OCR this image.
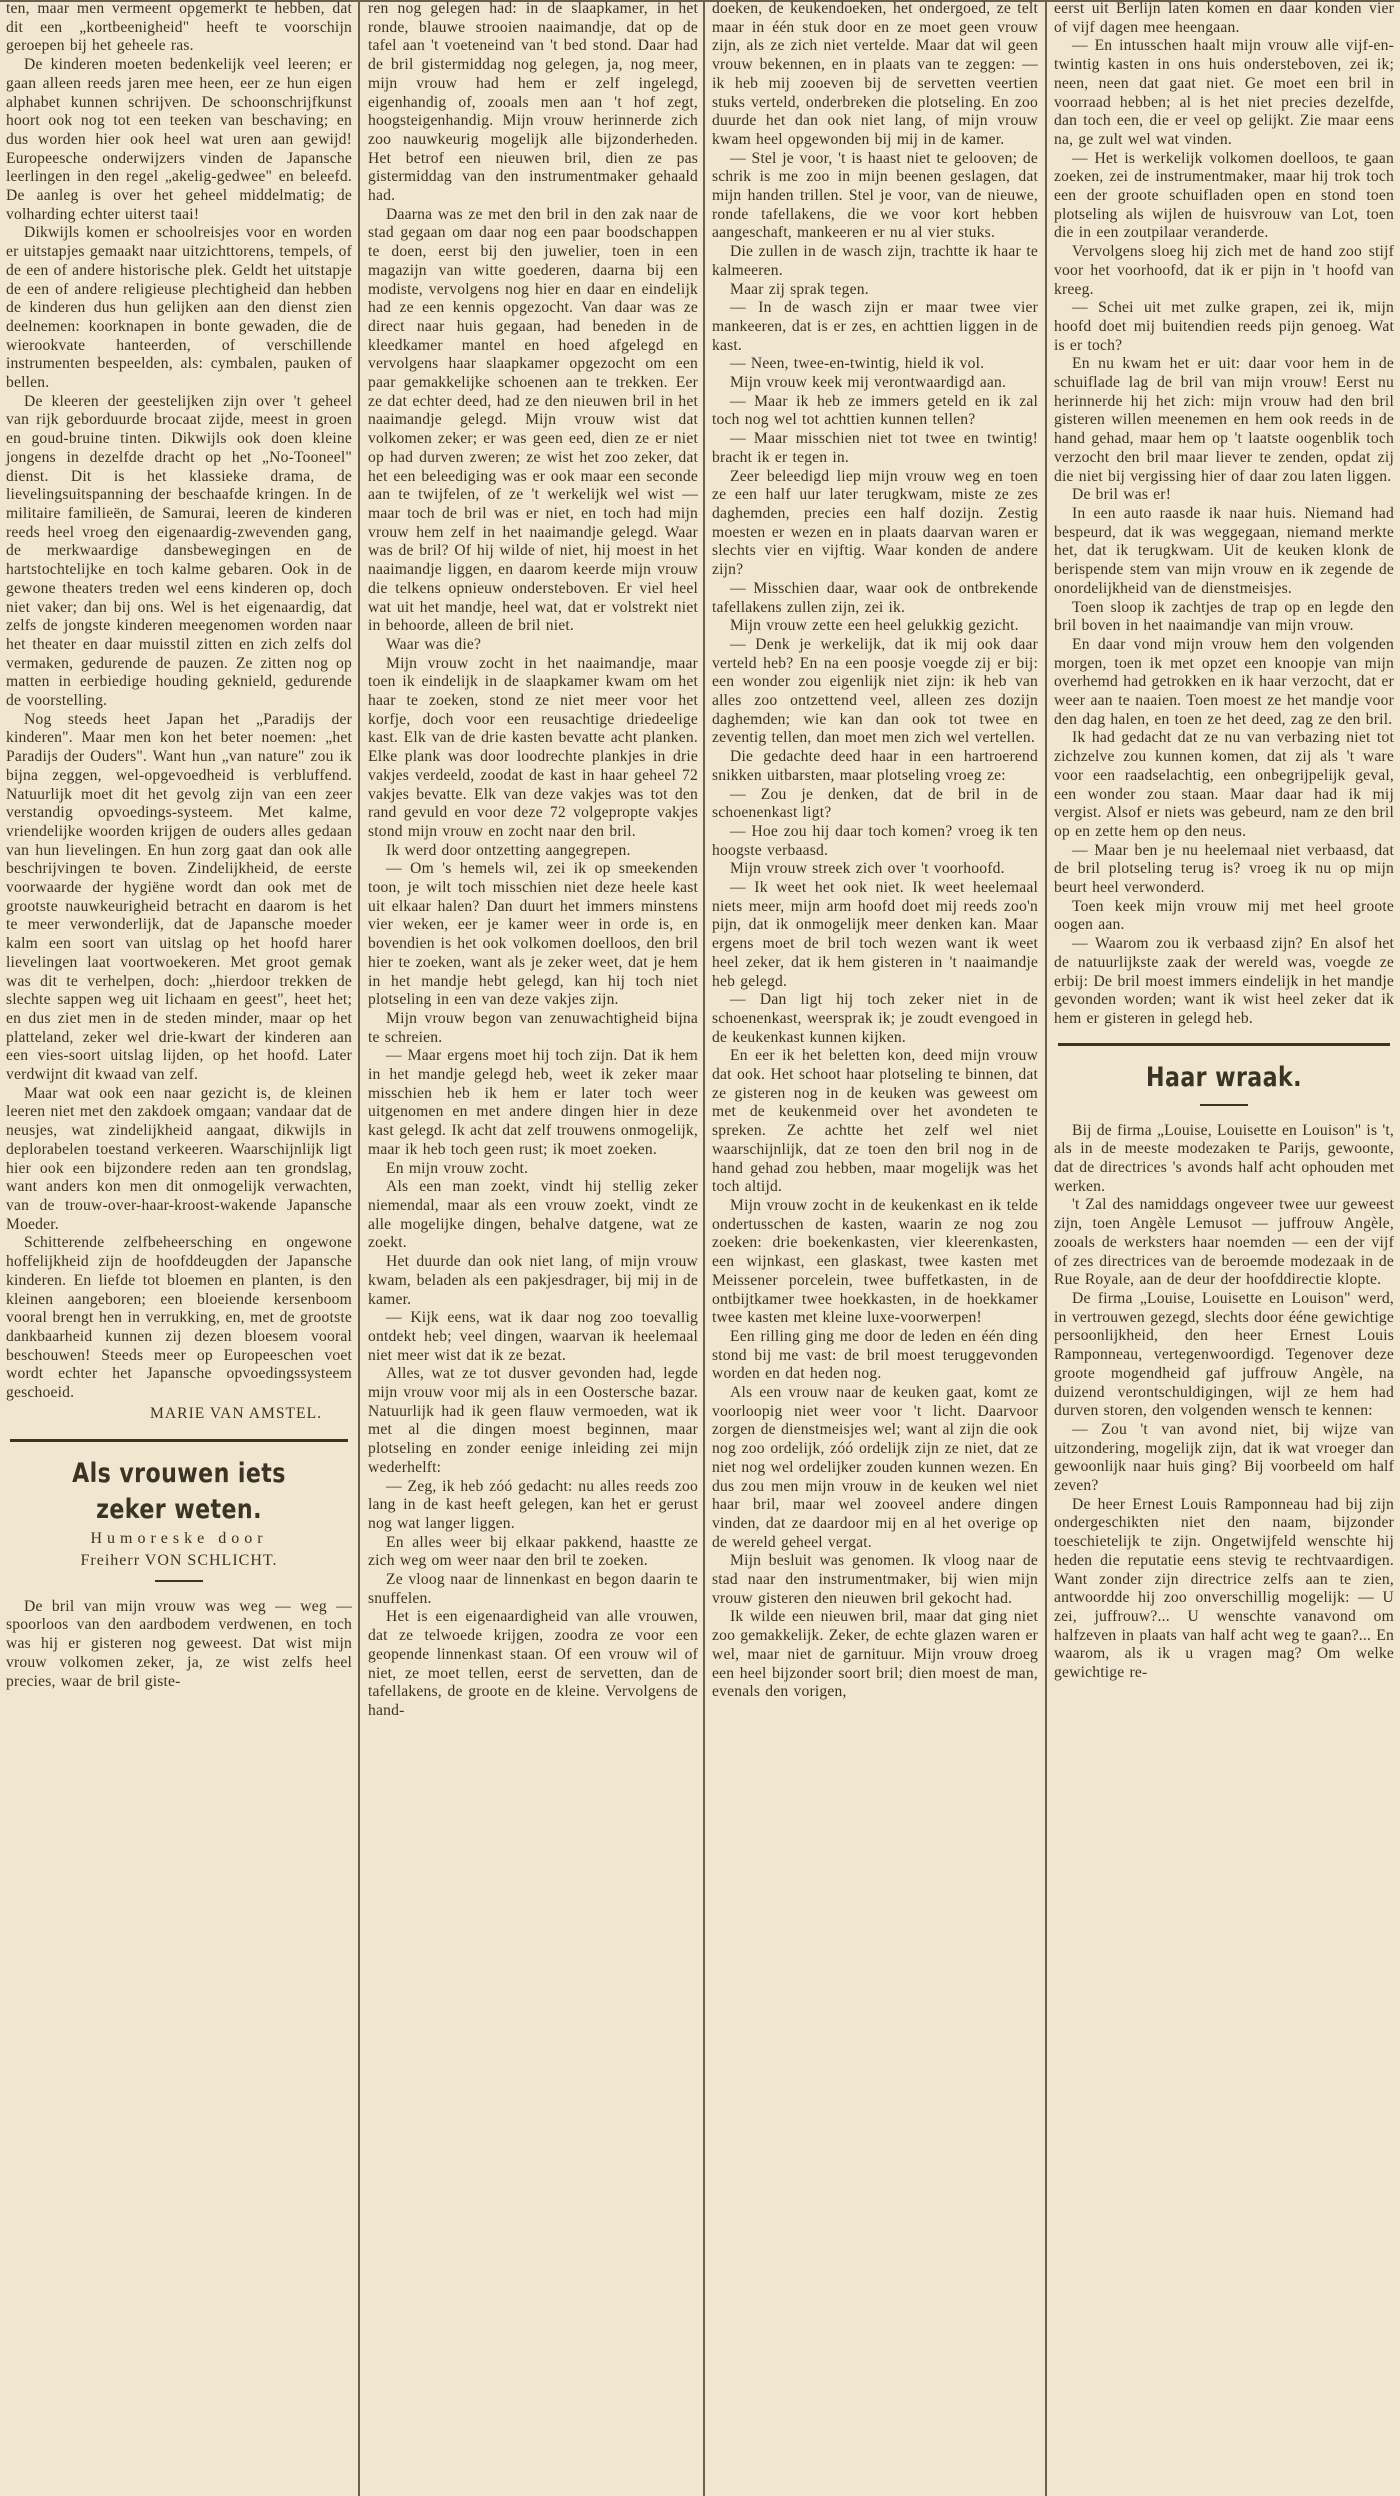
ten, maar men vermeent opgemerkt te hebben, dat dit een „kortbeenigheid" heeft te voorschijn geroepen bij het geheele ras.

De kinderen moeten bedenkelijk veel leeren; er gaan alleen reeds jaren mee heen, eer ze hun eigen alphabet kunnen schrijven. De schoonschrijfkunst hoort ook nog tot een teeken van beschaving; en dus worden hier ook heel wat uren aan gewijd! Europeesche onderwijzers vinden de Japansche leerlingen in den regel „akelig-gedwee" en beleefd. De aanleg is over het geheel middelmatig; de volharding echter uiterst taai!

Dikwijls komen er schoolreisjes voor en worden er uitstapjes gemaakt naar uitzichttorens, tempels, of de een of andere historische plek. Geldt het uitstapje de een of andere religieuse plechtigheid dan hebben de kinderen dus hun gelijken aan den dienst zien deelnemen: koorknapen in bonte gewaden, die de wierookvate hanteerden, of verschillende instrumenten bespeelden, als: cymbalen, pauken of bellen.

De kleeren der geestelijken zijn over 't geheel van rijk geborduurde brocaat zijde, meest in groen en goud-bruine tinten. Dikwijls ook doen kleine jongens in dezelfde dracht op het „No-Tooneel" dienst. Dit is het klassieke drama, de lievelingsuitspanning der beschaafde kringen. In de militaire familieën, de Samurai, leeren de kinderen reeds heel vroeg den eigenaardig-zwevenden gang, de merkwaardige dansbewegingen en de hartstochtelijke en toch kalme gebaren. Ook in de gewone theaters treden wel eens kinderen op, doch niet vaker; dan bij ons. Wel is het eigenaardig, dat zelfs de jongste kinderen meegenomen worden naar het theater en daar muisstil zitten en zich zelfs dol vermaken, gedurende de pauzen. Ze zitten nog op matten in eerbiedige houding geknield, gedurende de voorstelling.

Nog steeds heet Japan het „Paradijs der kinderen". Maar men kon het beter noemen: „het Paradijs der Ouders". Want hun „van nature" zou ik bijna zeggen, wel-opgevoedheid is verbluffend. Natuurlijk moet dit het gevolg zijn van een zeer verstandig opvoedings-systeem. Met kalme, vriendelijke woorden krijgen de ouders alles gedaan van hun lievelingen. En hun zorg gaat dan ook alle beschrijvingen te boven. Zindelijkheid, de eerste voorwaarde der hygiëne wordt dan ook met de grootste nauwkeurigheid betracht en daarom is het te meer verwonderlijk, dat de Japansche moeder kalm een soort van uitslag op het hoofd harer lievelingen laat voortwoekeren. Met groot gemak was dit te verhelpen, doch: „hierdoor trekken de slechte sappen weg uit lichaam en geest", heet het; en dus ziet men in de steden minder, maar op het platteland, zeker wel drie-kwart der kinderen aan een vies-soort uitslag lijden, op het hoofd. Later verdwijnt dit kwaad van zelf.

Maar wat ook een naar gezicht is, de kleinen leeren niet met den zakdoek omgaan; vandaar dat de neusjes, wat zindelijkheid aangaat, dikwijls in deplorabelen toestand verkeeren. Waarschijnlijk ligt hier ook een bijzondere reden aan ten grondslag, want anders kon men dit onmogelijk verwachten, van de trouw-over-haar-kroost-wakende Japansche Moeder.

Schitterende zelfbeheersching en ongewone hoffelijkheid zijn de hoofddeugden der Japansche kinderen. En liefde tot bloemen en planten, is den kleinen aangeboren; een bloeiende kersenboom vooral brengt hen in verrukking, en, met de grootste dankbaarheid kunnen zij dezen bloesem vooral beschouwen! Steeds meer op Europeeschen voet wordt echter het Japansche opvoedingssysteem geschoeid.

MARIE VAN AMSTEL.
Als vrouwen iets zeker weten.
Humoreske door
Freiherr VON SCHLICHT.

De bril van mijn vrouw was weg — weg — spoorloos van den aardbodem verdwenen, en toch was hij er gisteren nog geweest. Dat wist mijn vrouw volkomen zeker, ja, ze wist zelfs heel precies, waar de bril giste-

ren nog gelegen had: in de slaapkamer, in het ronde, blauwe strooien naaimandje, dat op de tafel aan 't voeteneind van 't bed stond. Daar had de bril gistermiddag nog gelegen, ja, nog meer, mijn vrouw had hem er zelf ingelegd, eigenhandig of, zooals men aan 't hof zegt, hoogsteigenhandig. Mijn vrouw herinnerde zich zoo nauwkeurig mogelijk alle bijzonderheden. Het betrof een nieuwen bril, dien ze pas gistermiddag van den instrumentmaker gehaald had.

Daarna was ze met den bril in den zak naar de stad gegaan om daar nog een paar boodschappen te doen, eerst bij den juwelier, toen in een magazijn van witte goederen, daarna bij een modiste, vervolgens nog hier en daar en eindelijk had ze een kennis opgezocht. Van daar was ze direct naar huis gegaan, had beneden in de kleedkamer mantel en hoed afgelegd en vervolgens haar slaapkamer opgezocht om een paar gemakkelijke schoenen aan te trekken. Eer ze dat echter deed, had ze den nieuwen bril in het naaimandje gelegd. Mijn vrouw wist dat volkomen zeker; er was geen eed, dien ze er niet op had durven zweren; ze wist het zoo zeker, dat het een beleediging was er ook maar een seconde aan te twijfelen, of ze 't werkelijk wel wist — maar toch de bril was er niet, en toch had mijn vrouw hem zelf in het naaimandje gelegd. Waar was de bril? Of hij wilde of niet, hij moest in het naaimandje liggen, en daarom keerde mijn vrouw die telkens opnieuw ondersteboven. Er viel heel wat uit het mandje, heel wat, dat er volstrekt niet in behoorde, alleen de bril niet.

Waar was die?

Mijn vrouw zocht in het naaimandje, maar toen ik eindelijk in de slaapkamer kwam om het haar te zoeken, stond ze niet meer voor het korfje, doch voor een reusachtige driedeelige kast. Elk van de drie kasten bevatte acht planken. Elke plank was door loodrechte plankjes in drie vakjes verdeeld, zoodat de kast in haar geheel 72 vakjes bevatte. Elk van deze vakjes was tot den rand gevuld en voor deze 72 volgepropte vakjes stond mijn vrouw en zocht naar den bril.

Ik werd door ontzetting aangegrepen.

— Om 's hemels wil, zei ik op smeekenden toon, je wilt toch misschien niet deze heele kast uit elkaar halen? Dan duurt het immers minstens vier weken, eer je kamer weer in orde is, en bovendien is het ook volkomen doelloos, den bril hier te zoeken, want als je zeker weet, dat je hem in het mandje hebt gelegd, kan hij toch niet plotseling in een van deze vakjes zijn.

Mijn vrouw begon van zenuwachtigheid bijna te schreien.

— Maar ergens moet hij toch zijn. Dat ik hem in het mandje gelegd heb, weet ik zeker maar misschien heb ik hem er later toch weer uitgenomen en met andere dingen hier in deze kast gelegd. Ik acht dat zelf trouwens onmogelijk, maar ik heb toch geen rust; ik moet zoeken.

En mijn vrouw zocht.

Als een man zoekt, vindt hij stellig zeker niemendal, maar als een vrouw zoekt, vindt ze alle mogelijke dingen, behalve datgene, wat ze zoekt.

Het duurde dan ook niet lang, of mijn vrouw kwam, beladen als een pakjesdrager, bij mij in de kamer.

— Kijk eens, wat ik daar nog zoo toevallig ontdekt heb; veel dingen, waarvan ik heelemaal niet meer wist dat ik ze bezat.

Alles, wat ze tot dusver gevonden had, legde mijn vrouw voor mij als in een Oostersche bazar. Natuurlijk had ik geen flauw vermoeden, wat ik met al die dingen moest beginnen, maar plotseling en zonder eenige inleiding zei mijn wederhelft:

— Zeg, ik heb zóó gedacht: nu alles reeds zoo lang in de kast heeft gelegen, kan het er gerust nog wat langer liggen.

En alles weer bij elkaar pakkend, haastte ze zich weg om weer naar den bril te zoeken.

Ze vloog naar de linnenkast en begon daarin te snuffelen.

Het is een eigenaardigheid van alle vrouwen, dat ze telwoede krijgen, zoodra ze voor een geopende linnenkast staan. Of een vrouw wil of niet, ze moet tellen, eerst de servetten, dan de tafellakens, de groote en de kleine. Vervolgens de hand-

doeken, de keukendoeken, het ondergoed, ze telt maar in één stuk door en ze moet geen vrouw zijn, als ze zich niet vertelde. Maar dat wil geen vrouw bekennen, en in plaats van te zeggen: — ik heb mij zooeven bij de servetten veertien stuks verteld, onderbreken die plotseling. En zoo duurde het dan ook niet lang, of mijn vrouw kwam heel opgewonden bij mij in de kamer.

— Stel je voor, 't is haast niet te gelooven; de schrik is me zoo in mijn beenen geslagen, dat mijn handen trillen. Stel je voor, van de nieuwe, ronde tafellakens, die we voor kort hebben aangeschaft, mankeeren er nu al vier stuks.

Die zullen in de wasch zijn, trachtte ik haar te kalmeeren.

Maar zij sprak tegen.

— In de wasch zijn er maar twee vier mankeeren, dat is er zes, en achttien liggen in de kast.

— Neen, twee-en-twintig, hield ik vol.

Mijn vrouw keek mij verontwaardigd aan.

— Maar ik heb ze immers geteld en ik zal toch nog wel tot achttien kunnen tellen?

— Maar misschien niet tot twee en twintig! bracht ik er tegen in.

Zeer beleedigd liep mijn vrouw weg en toen ze een half uur later terugkwam, miste ze zes daghemden, precies een half dozijn. Zestig moesten er wezen en in plaats daarvan waren er slechts vier en vijftig. Waar konden de andere zijn?

— Misschien daar, waar ook de ontbrekende tafellakens zullen zijn, zei ik.

Mijn vrouw zette een heel gelukkig gezicht.

— Denk je werkelijk, dat ik mij ook daar verteld heb? En na een poosje voegde zij er bij: een wonder zou eigenlijk niet zijn: ik heb van alles zoo ontzettend veel, alleen zes dozijn daghemden; wie kan dan ook tot twee en zeventig tellen, dan moet men zich wel vertellen.

Die gedachte deed haar in een hartroerend snikken uitbarsten, maar plotseling vroeg ze:

— Zou je denken, dat de bril in de schoenenkast ligt?

— Hoe zou hij daar toch komen? vroeg ik ten hoogste verbaasd.

Mijn vrouw streek zich over 't voorhoofd.

— Ik weet het ook niet. Ik weet heelemaal niets meer, mijn arm hoofd doet mij reeds zoo'n pijn, dat ik onmogelijk meer denken kan. Maar ergens moet de bril toch wezen want ik weet heel zeker, dat ik hem gisteren in 't naaimandje heb gelegd.

— Dan ligt hij toch zeker niet in de schoenenkast, weersprak ik; je zoudt evengoed in de keukenkast kunnen kijken.

En eer ik het beletten kon, deed mijn vrouw dat ook. Het schoot haar plotseling te binnen, dat ze gisteren nog in de keuken was geweest om met de keukenmeid over het avondeten te spreken. Ze achtte het zelf wel niet waarschijnlijk, dat ze toen den bril nog in de hand gehad zou hebben, maar mogelijk was het toch altijd.

Mijn vrouw zocht in de keukenkast en ik telde ondertusschen de kasten, waarin ze nog zou zoeken: drie boekenkasten, vier kleerenkasten, een wijnkast, een glaskast, twee kasten met Meissener porcelein, twee buffetkasten, in de ontbijtkamer twee hoekkasten, in de hoekkamer twee kasten met kleine luxe-voorwerpen!

Een rilling ging me door de leden en één ding stond bij me vast: de bril moest teruggevonden worden en dat heden nog.

Als een vrouw naar de keuken gaat, komt ze voorloopig niet weer voor 't licht. Daarvoor zorgen de dienstmeisjes wel; want al zijn die ook nog zoo ordelijk, zóó ordelijk zijn ze niet, dat ze niet nog wel ordelijker zouden kunnen wezen. En dus zou men mijn vrouw in de keuken wel niet haar bril, maar wel zooveel andere dingen vinden, dat ze daardoor mij en al het overige op de wereld geheel vergat.

Mijn besluit was genomen. Ik vloog naar de stad naar den instrumentmaker, bij wien mijn vrouw gisteren den nieuwen bril gekocht had.

Ik wilde een nieuwen bril, maar dat ging niet zoo gemakkelijk. Zeker, de echte glazen waren er wel, maar niet de garnituur. Mijn vrouw droeg een heel bijzonder soort bril; dien moest de man, evenals den vorigen,

eerst uit Berlijn laten komen en daar konden vier of vijf dagen mee heengaan.

— En intusschen haalt mijn vrouw alle vijf-en-twintig kasten in ons huis ondersteboven, zei ik; neen, neen dat gaat niet. Ge moet een bril in voorraad hebben; al is het niet precies dezelfde, dan toch een, die er veel op gelijkt. Zie maar eens na, ge zult wel wat vinden.

— Het is werkelijk volkomen doelloos, te gaan zoeken, zei de instrumentmaker, maar hij trok toch een der groote schuifladen open en stond toen plotseling als wijlen de huisvrouw van Lot, toen die in een zoutpilaar veranderde.

Vervolgens sloeg hij zich met de hand zoo stijf voor het voorhoofd, dat ik er pijn in 't hoofd van kreeg.

— Schei uit met zulke grapen, zei ik, mijn hoofd doet mij buitendien reeds pijn genoeg. Wat is er toch?

En nu kwam het er uit: daar voor hem in de schuiflade lag de bril van mijn vrouw! Eerst nu herinnerde hij het zich: mijn vrouw had den bril gisteren willen meenemen en hem ook reeds in de hand gehad, maar hem op 't laatste oogenblik toch verzocht den bril maar liever te zenden, opdat zij die niet bij vergissing hier of daar zou laten liggen.

De bril was er!

In een auto raasde ik naar huis. Niemand had bespeurd, dat ik was weggegaan, niemand merkte het, dat ik terugkwam. Uit de keuken klonk de berispende stem van mijn vrouw en ik zegende de onordelijkheid van de dienstmeisjes.

Toen sloop ik zachtjes de trap op en legde den bril boven in het naaimandje van mijn vrouw.

En daar vond mijn vrouw hem den volgenden morgen, toen ik met opzet een knoopje van mijn overhemd had getrokken en ik haar verzocht, dat er weer aan te naaien. Toen moest ze het mandje voor den dag halen, en toen ze het deed, zag ze den bril.

Ik had gedacht dat ze nu van verbazing niet tot zichzelve zou kunnen komen, dat zij als 't ware voor een raadselachtig, een onbegrijpelijk geval, een wonder zou staan. Maar daar had ik mij vergist. Alsof er niets was gebeurd, nam ze den bril op en zette hem op den neus.

— Maar ben je nu heelemaal niet verbaasd, dat de bril plotseling terug is? vroeg ik nu op mijn beurt heel verwonderd.

Toen keek mijn vrouw mij met heel groote oogen aan.

— Waarom zou ik verbaasd zijn? En alsof het de natuurlijkste zaak der wereld was, voegde ze erbij: De bril moest immers eindelijk in het mandje gevonden worden; want ik wist heel zeker dat ik hem er gisteren in gelegd heb.

Haar wraak.

Bij de firma „Louise, Louisette en Louison" is 't, als in de meeste modezaken te Parijs, gewoonte, dat de directrices 's avonds half acht ophouden met werken.

't Zal des namiddags ongeveer twee uur geweest zijn, toen Angèle Lemusot — juffrouw Angèle, zooals de werksters haar noemden — een der vijf of zes directrices van de beroemde modezaak in de Rue Royale, aan de deur der hoofddirectie klopte.

De firma „Louise, Louisette en Louison" werd, in vertrouwen gezegd, slechts door ééne gewichtige persoonlijkheid, den heer Ernest Louis Ramponneau, vertegenwoordigd. Tegenover deze groote mogendheid gaf juffrouw Angèle, na duizend verontschuldigingen, wijl ze hem had durven storen, den volgenden wensch te kennen:

— Zou 't van avond niet, bij wijze van uitzondering, mogelijk zijn, dat ik wat vroeger dan gewoonlijk naar huis ging? Bij voorbeeld om half zeven?

De heer Ernest Louis Ramponneau had bij zijn ondergeschikten niet den naam, bijzonder toeschietelijk te zijn. Ongetwijfeld wenschte hij heden die reputatie eens stevig te rechtvaardigen. Want zonder zijn directrice zelfs aan te zien, antwoordde hij zoo onverschillig mogelijk: — U zei, juffrouw?... U wenschte vanavond om halfzeven in plaats van half acht weg te gaan?... En waarom, als ik u vragen mag? Om welke gewichtige re-
